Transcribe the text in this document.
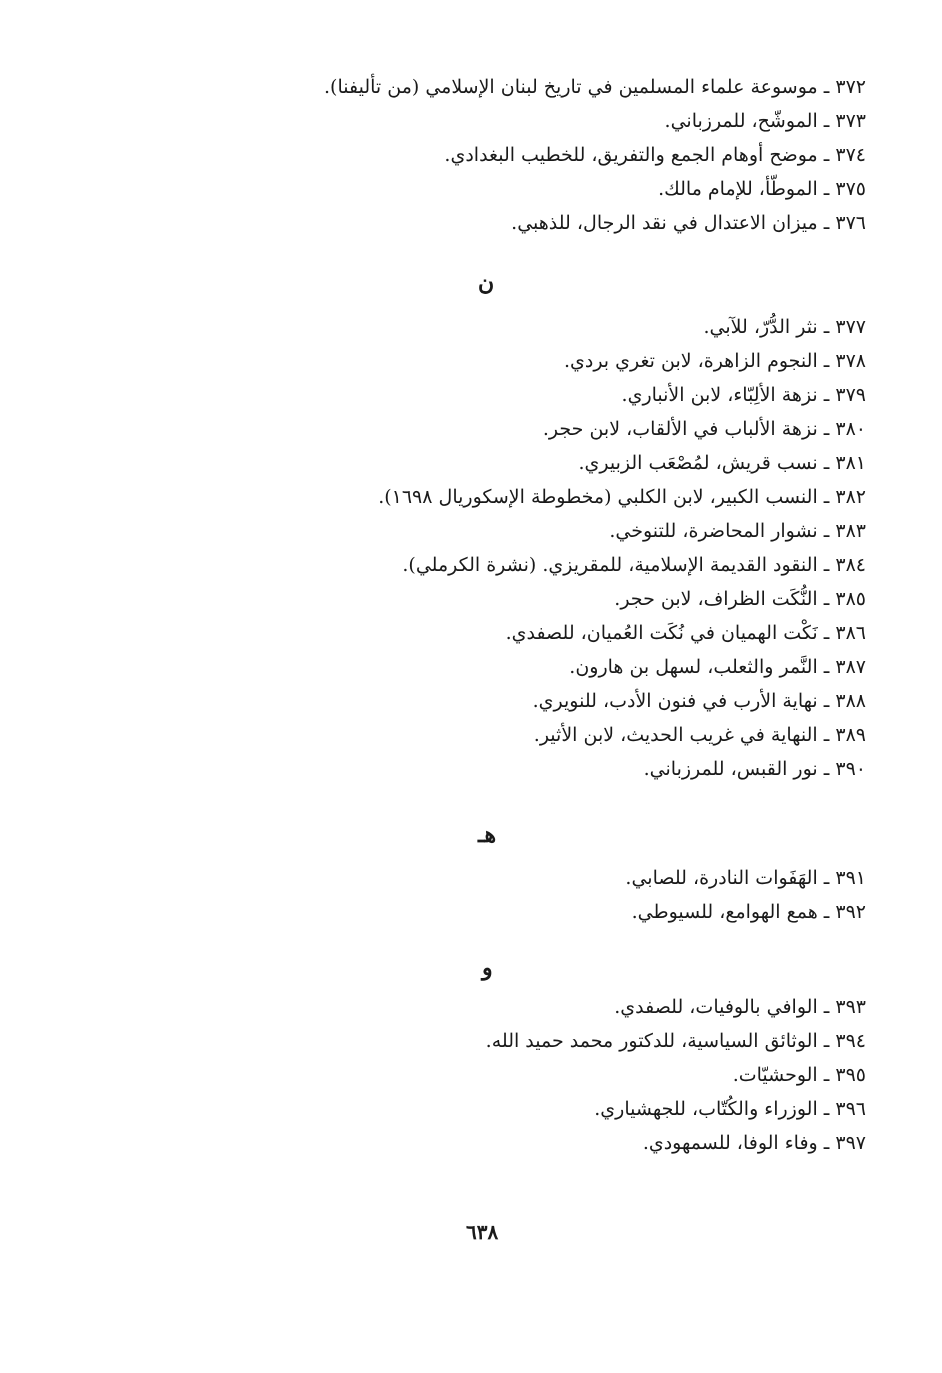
٣٧٢ ـ موسوعة علماء المسلمين في تاريخ لبنان الإسلامي (من تأليفنا).
٣٧٣ ـ الموشّح، للمرزباني.
٣٧٤ ـ موضح أوهام الجمع والتفريق، للخطيب البغدادي.
٣٧٥ ـ الموطّأ، للإمام مالك.
٣٧٦ ـ ميزان الاعتدال في نقد الرجال، للذهبي.
ن
٣٧٧ ـ نثر الدُّرّ، للآبي.
٣٧٨ ـ النجوم الزاهرة، لابن تغري بردي.
٣٧٩ ـ نزهة الألِبّاء، لابن الأنباري.
٣٨٠ ـ نزهة الألباب في الألقاب، لابن حجر.
٣٨١ ـ نسب قريش، لمُصْعَب الزبيري.
٣٨٢ ـ النسب الكبير، لابن الكلبي (مخطوطة الإسكوريال ١٦٩٨).
٣٨٣ ـ نشوار المحاضرة، للتنوخي.
٣٨٤ ـ النقود القديمة الإسلامية، للمقريزي. (نشرة الكرملي).
٣٨٥ ـ النُّكَت الظراف، لابن حجر.
٣٨٦ ـ نَكْت الهميان في نُكَت العُميان، للصفدي.
٣٨٧ ـ النَّمر والثعلب، لسهل بن هارون.
٣٨٨ ـ نهاية الأرب في فنون الأدب، للنويري.
٣٨٩ ـ النهاية في غريب الحديث، لابن الأثير.
٣٩٠ ـ نور القبس، للمرزباني.
هـ
٣٩١ ـ الهَفَوات النادرة، للصابي.
٣٩٢ ـ همع الهوامع، للسيوطي.
و
٣٩٣ ـ الوافي بالوفيات، للصفدي.
٣٩٤ ـ الوثائق السياسية، للدكتور محمد حميد الله.
٣٩٥ ـ الوحشيّات.
٣٩٦ ـ الوزراء والكُتّاب، للجهشياري.
٣٩٧ ـ وفاء الوفا، للسمهودي.
٦٣٨
